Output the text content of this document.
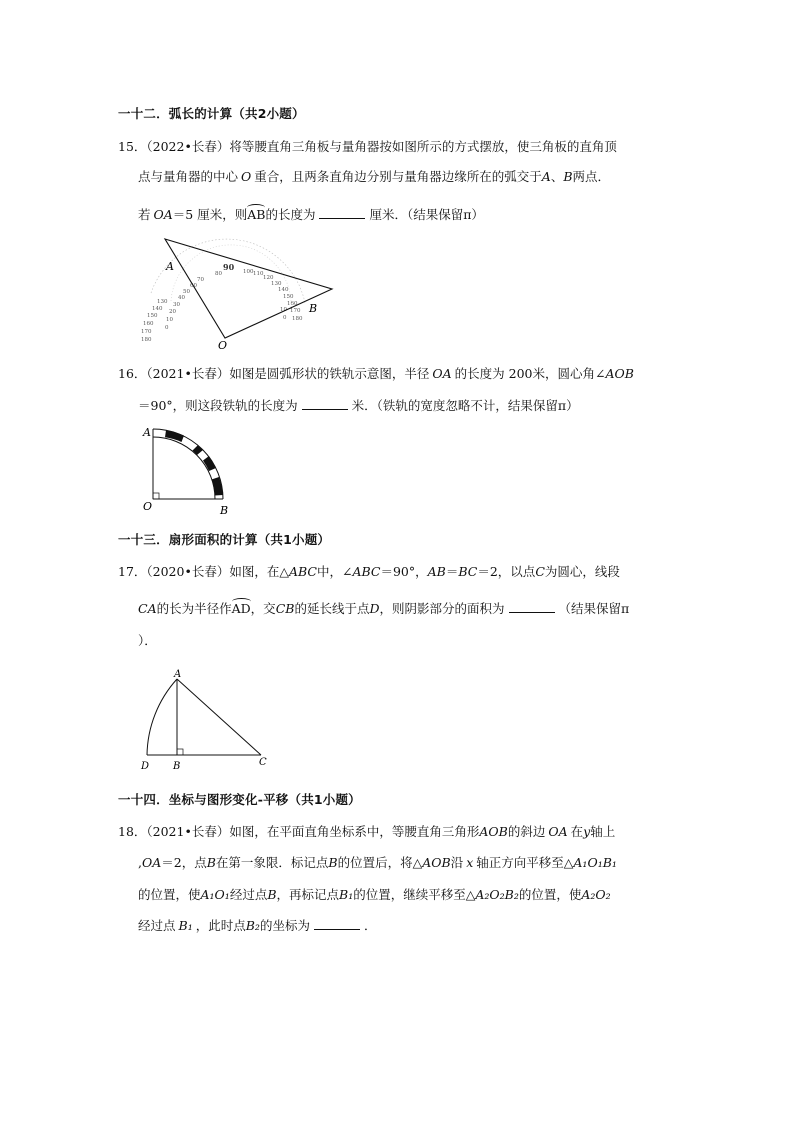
一十二．弧长的计算（共2小题）
15．（2022•长春）将等腰直角三角板与量角器按如图所示的方式摆放，使三角板的直角顶
点与量角器的中心 O 重合，且两条直角边分别与量角器边缘所在的弧交于A、B两点．
若 OA＝5 厘米，则AB的长度为	厘米．（结果保留π）
180
170
160
150
140
130
0
10
20
30
40
50
60
70
80	100 110
120
130
140
150
160
170
180
10
0
90
A
B
O
16．（2021•长春）如图是圆弧形状的铁轨示意图，半径 OA 的长度为 200米，圆心角∠AOB
＝90°，则这段铁轨的长度为	米．（铁轨的宽度忽略不计，结果保留π）
A
O	B
一十三．扇形面积的计算（共1小题）
17．（2020•长春）如图，在△ABC中，∠ABC＝90°，AB＝BC＝2，以点C为圆心，线段
CA的长为半径作AD，交CB的延长线于点D，则阴影部分的面积为	（结果保留π
）．
A
B	C
D
一十四．坐标与图形变化-平移（共1小题）
18．（2021•长春）如图，在平面直角坐标系中，等腰直角三角形AOB的斜边 OA 在y轴上
,OA＝2，点B在第一象限．标记点B的位置后，将△AOB沿 x 轴正方向平移至△A₁O₁B₁
的位置，使A₁O₁经过点B，再标记点B₁的位置，继续平移至△A₂O₂B₂的位置，使A₂O₂
经过点 B₁ ，此时点B₂的坐标为	．
